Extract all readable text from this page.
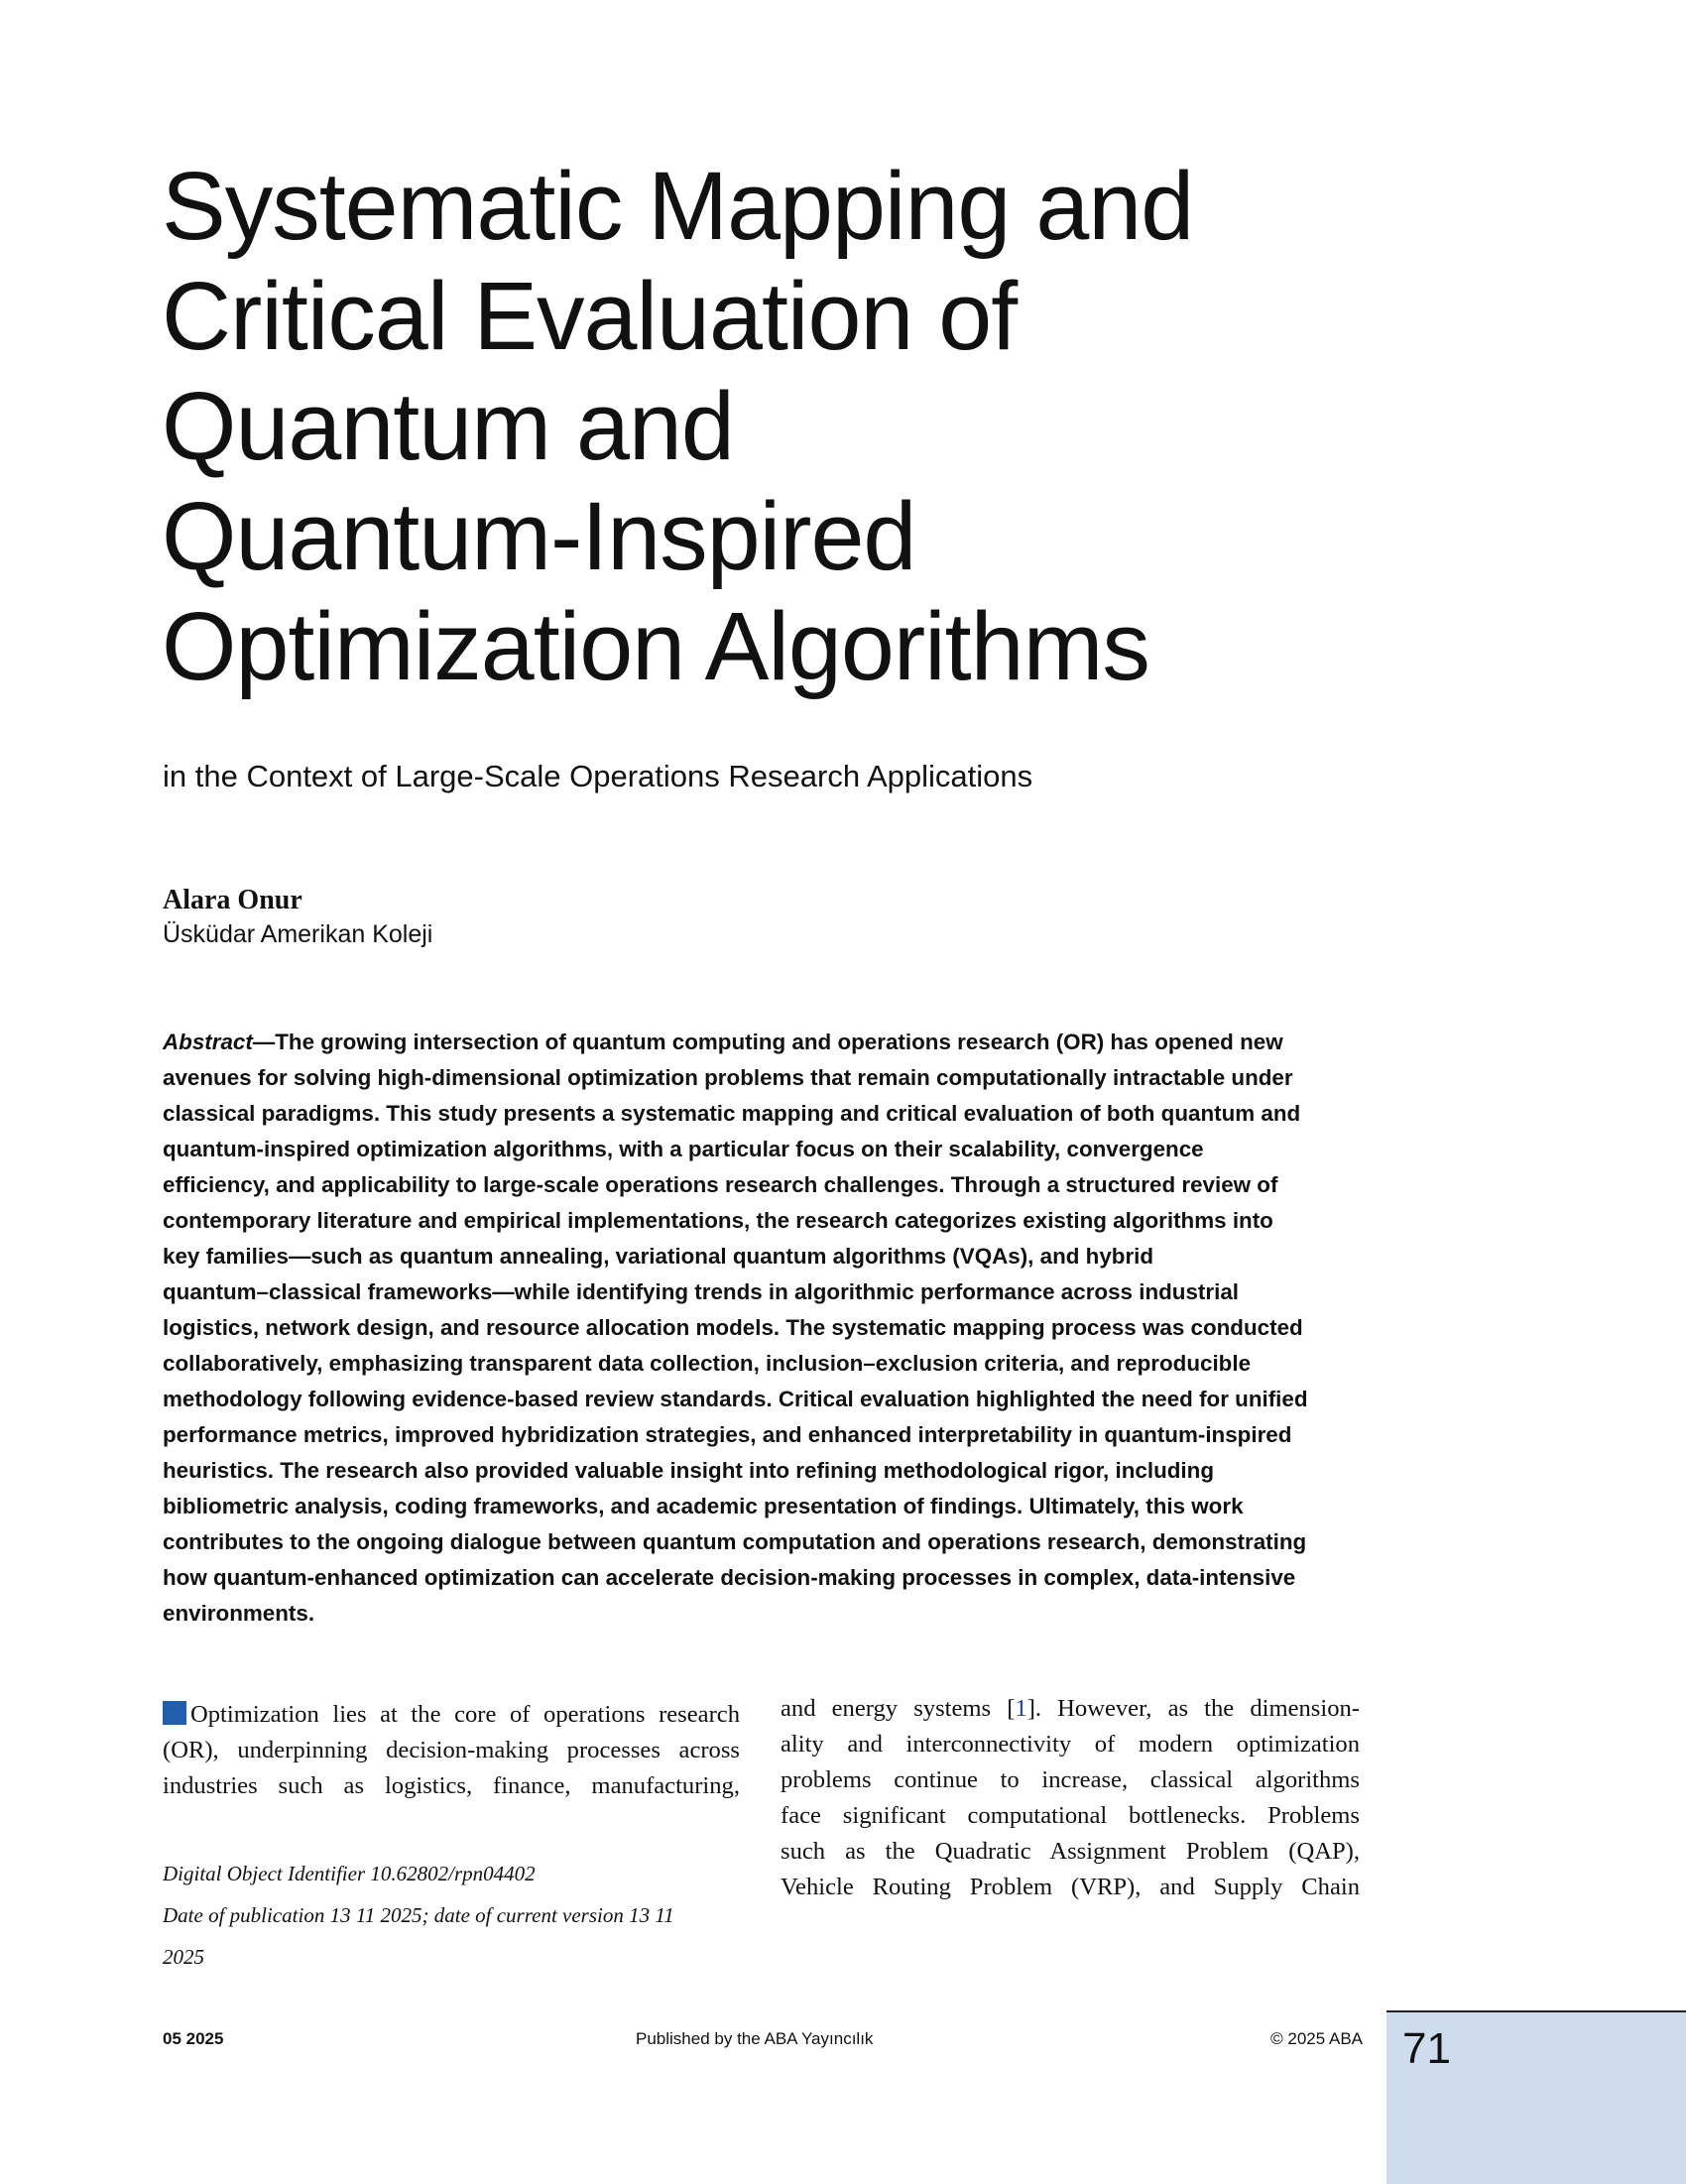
Systematic Mapping and
Critical Evaluation of
Quantum and
Quantum-Inspired
Optimization Algorithms

in the Context of Large-Scale Operations Research Applications

Alara Onur
Üsküdar Amerikan Koleji
Abstract—The growing intersection of quantum computing and operations research (OR) has opened new
avenues for solving high-dimensional optimization problems that remain computationally intractable under
classical paradigms. This study presents a systematic mapping and critical evaluation of both quantum and
quantum-inspired optimization algorithms, with a particular focus on their scalability, convergence
efficiency, and applicability to large-scale operations research challenges. Through a structured review of
contemporary literature and empirical implementations, the research categorizes existing algorithms into
key families—such as quantum annealing, variational quantum algorithms (VQAs), and hybrid
quantum–classical frameworks—while identifying trends in algorithmic performance across industrial
logistics, network design, and resource allocation models. The systematic mapping process was conducted
collaboratively, emphasizing transparent data collection, inclusion–exclusion criteria, and reproducible
methodology following evidence-based review standards. Critical evaluation highlighted the need for unified
performance metrics, improved hybridization strategies, and enhanced interpretability in quantum-inspired
heuristics. The research also provided valuable insight into refining methodological rigor, including
bibliometric analysis, coding frameworks, and academic presentation of findings. Ultimately, this work
contributes to the ongoing dialogue between quantum computation and operations research, demonstrating
how quantum-enhanced optimization can accelerate decision-making processes in complex, data-intensive
environments.
Optimization lies at the core of operations research
(OR), underpinning decision-making processes across
industries such as logistics, finance, manufacturing,
Digital Object Identifier 10.62802/rpn04402
Date of publication 13 11 2025; date of current version 13 11
2025
and energy systems [1]. However, as the dimension-
ality and interconnectivity of modern optimization
problems continue to increase, classical algorithms
face significant computational bottlenecks. Problems
such as the Quadratic Assignment Problem (QAP),
Vehicle Routing Problem (VRP), and Supply Chain
05 2025	Published by the ABA Yayıncılık	© 2025 ABA 71
